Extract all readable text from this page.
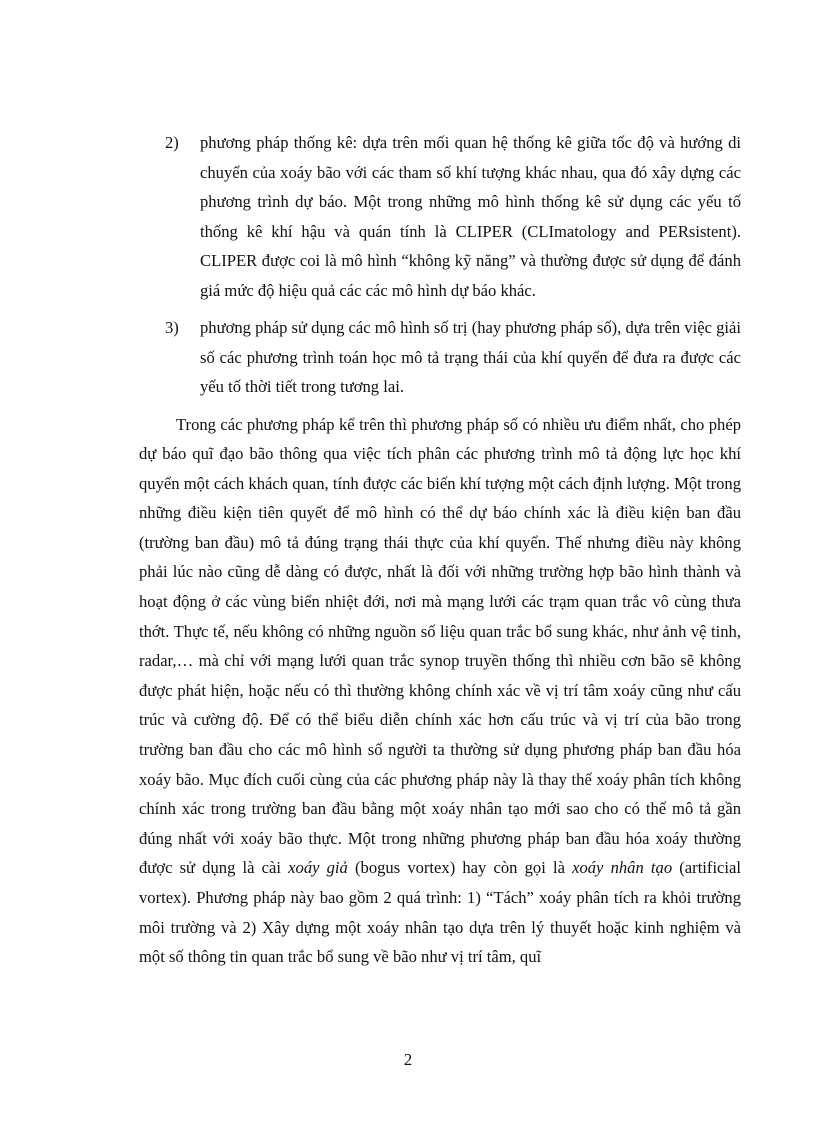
2)	phương pháp thống kê: dựa trên mối quan hệ thống kê giữa tốc độ và hướng di chuyển của xoáy bão với các tham số khí tượng khác nhau, qua đó xây dựng các phương trình dự báo. Một trong những mô hình thống kê sử dụng các yếu tố thống kê khí hậu và quán tính là CLIPER (CLImatology and PERsistent). CLIPER được coi là mô hình “không kỹ năng” và thường được sử dụng để đánh giá mức độ hiệu quả các các mô hình dự báo khác.
3)	phương pháp sử dụng các mô hình số trị (hay phương pháp số), dựa trên việc giải số các phương trình toán học mô tả trạng thái của khí quyển để đưa ra được các yếu tố thời tiết trong tương lai.

Trong các phương pháp kể trên thì phương pháp số có nhiều ưu điểm nhất, cho phép dự báo quĩ đạo bão thông qua việc tích phân các phương trình mô tả động lực học khí quyển một cách khách quan, tính được các biến khí tượng một cách định lượng. Một trong những điều kiện tiên quyết để mô hình có thể dự báo chính xác là điều kiện ban đầu (trường ban đầu) mô tả đúng trạng thái thực của khí quyển. Thế nhưng điều này không phải lúc nào cũng dễ dàng có được, nhất là đối với những trường hợp bão hình thành và hoạt động ở các vùng biển nhiệt đới, nơi mà mạng lưới các trạm quan trắc vô cùng thưa thớt. Thực tế, nếu không có những nguồn số liệu quan trắc bổ sung khác, như ảnh vệ tinh, radar,… mà chỉ với mạng lưới quan trắc synop truyền thống thì nhiều cơn bão sẽ không được phát hiện, hoặc nếu có thì thường không chính xác về vị trí tâm xoáy cũng như cấu trúc và cường độ. Để có thể biểu diễn chính xác hơn cấu trúc và vị trí của bão trong trường ban đầu cho các mô hình số người ta thường sử dụng phương pháp ban đầu hóa xoáy bão. Mục đích cuối cùng của các phương pháp này là thay thế xoáy phân tích không chính xác trong trường ban đầu bằng một xoáy nhân tạo mới sao cho có thể mô tả gần đúng nhất với xoáy bão thực. Một trong những phương pháp ban đầu hóa xoáy thường được sử dụng là cài xoáy giả (bogus vortex) hay còn gọi là xoáy nhân tạo (artificial vortex). Phương pháp này bao gồm 2 quá trình: 1) “Tách” xoáy phân tích ra khỏi trường môi trường và 2) Xây dựng một xoáy nhân tạo dựa trên lý thuyết hoặc kinh nghiệm và một số thông tin quan trắc bổ sung về bão như vị trí tâm, quĩ

2
